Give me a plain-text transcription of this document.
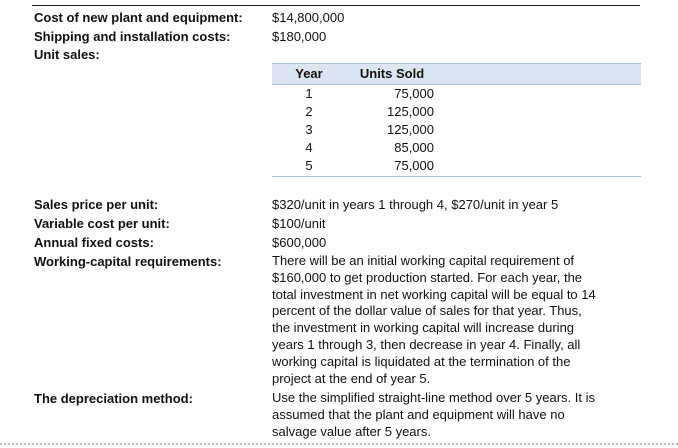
Cost of new plant and equipment: $14,800,000
Shipping and installation costs:	$180,000
Unit sales:
Year	Units Sold
1	75,000
2	125,000
3	125,000
4	85,000
5	75,000
Sales price per unit:	$320/unit in years 1 through 4, $270/unit in year 5
Variable cost per unit:	$100/unit
Annual fixed costs:	$600,000
Working-capital requirements:	There will be an initial working capital requirement of
$160,000 to get production started. For each year, the
total investment in net working capital will be equal to 14
percent of the dollar value of sales for that year. Thus,
the investment in working capital will increase during
years 1 through 3, then decrease in year 4. Finally, all
working capital is liquidated at the termination of the
project at the end of year 5.
The depreciation method:	Use the simplified straight-line method over 5 years. It is
assumed that the plant and equipment will have no
salvage value after 5 years.
